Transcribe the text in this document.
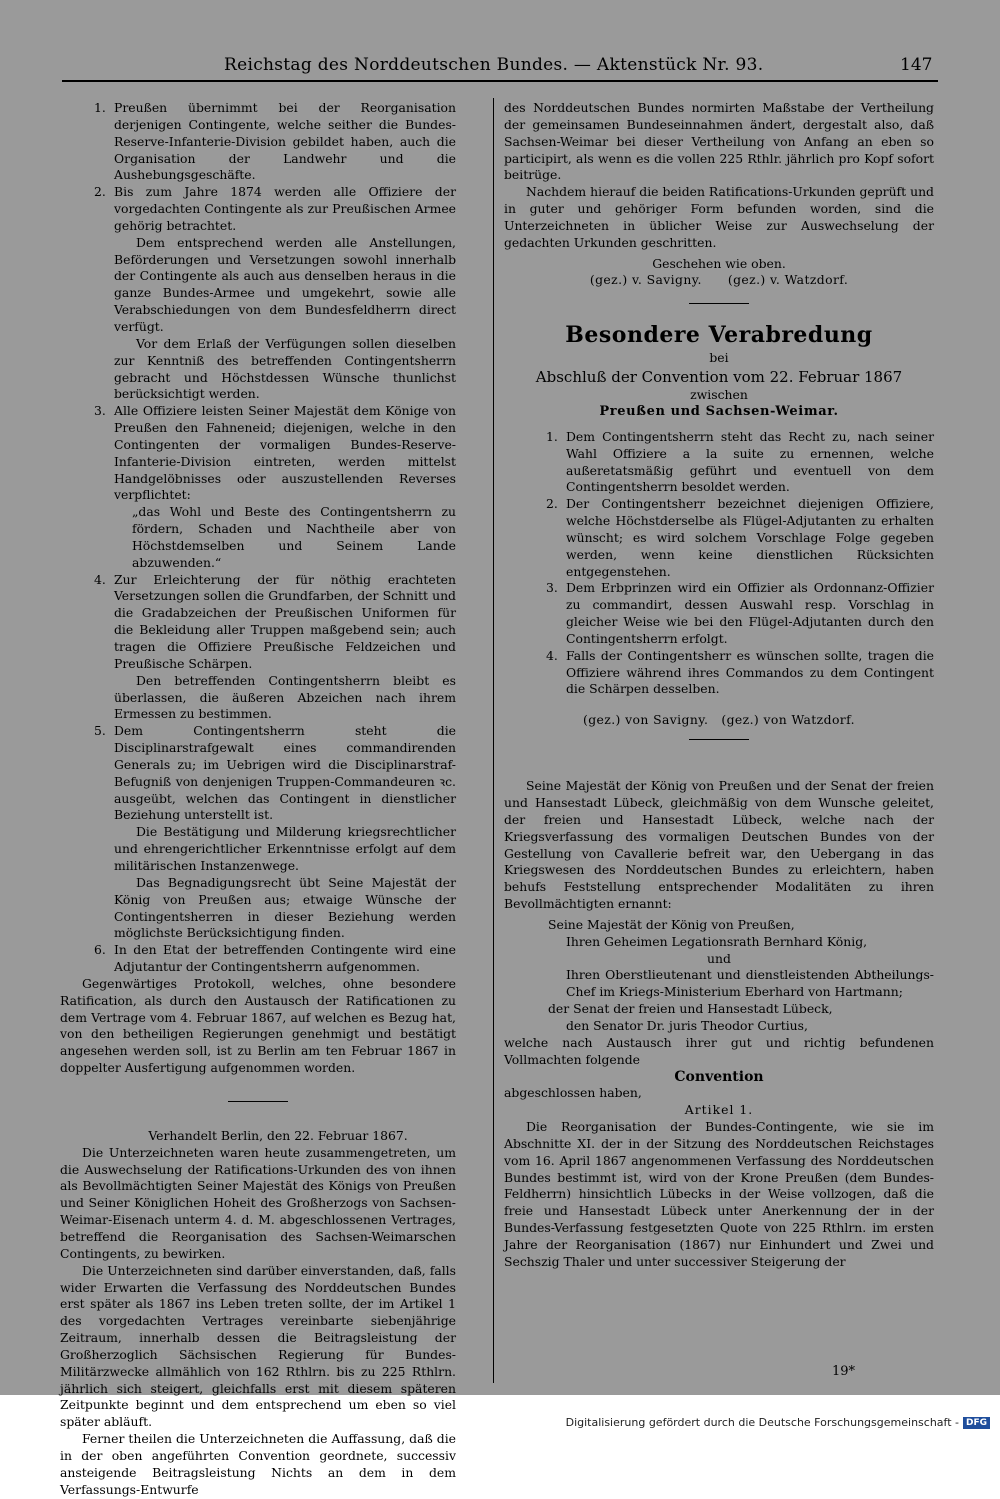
Reichstag des Norddeutschen Bundes. — Aktenstück Nr. 93.	147
1. Preußen übernimmt bei der Reorganisation derjenigen Contingente, welche seither die Bundes-Reserve-Infanterie-Division gebildet haben, auch die Organisation der Landwehr und die Aushebungsgeschäfte.

2. Bis zum Jahre 1874 werden alle Offiziere der vorgedachten Contingente als zur Preußischen Armee gehörig betrachtet.

Dem entsprechend werden alle Anstellungen, Beförderungen und Versetzungen sowohl innerhalb der Contingente als auch aus denselben heraus in die ganze Bundes-Armee und umgekehrt, sowie alle Verabschiedungen von dem Bundesfeldherrn direct verfügt.

Vor dem Erlaß der Verfügungen sollen dieselben zur Kenntniß des betreffenden Contingentsherrn gebracht und Höchstdessen Wünsche thunlichst berücksichtigt werden.

3. Alle Offiziere leisten Seiner Majestät dem Könige von Preußen den Fahneneid; diejenigen, welche in den Contingenten der vormaligen Bundes-Reserve-Infanterie-Division eintreten, werden mittelst Handgelöbnisses oder auszustellenden Reverses verpflichtet:

„das Wohl und Beste des Contingentsherrn zu fördern, Schaden und Nachtheile aber von Höchstdemselben und Seinem Lande abzuwenden.“

4. Zur Erleichterung der für nöthig erachteten Versetzungen sollen die Grundfarben, der Schnitt und die Gradabzeichen der Preußischen Uniformen für die Bekleidung aller Truppen maßgebend sein; auch tragen die Offiziere Preußische Feldzeichen und Preußische Schärpen.

Den betreffenden Contingentsherrn bleibt es überlassen, die äußeren Abzeichen nach ihrem Ermessen zu bestimmen.

5. Dem Contingentsherrn steht die Disciplinarstrafgewalt eines commandirenden Generals zu; im Uebrigen wird die Disciplinarstraf-Befugniß von denjenigen Truppen-Commandeuren ꝛc. ausgeübt, welchen das Contingent in dienstlicher Beziehung unterstellt ist.

Die Bestätigung und Milderung kriegsrechtlicher und ehrengerichtlicher Erkenntnisse erfolgt auf dem militärischen Instanzenwege.

Das Begnadigungsrecht übt Seine Majestät der König von Preußen aus; etwaige Wünsche der Contingentsherren in dieser Beziehung werden möglichste Berücksichtigung finden.

6. In den Etat der betreffenden Contingente wird eine Adjutantur der Contingentsherrn aufgenommen.

Gegenwärtiges Protokoll, welches, ohne besondere Ratification, als durch den Austausch der Ratificationen zu dem Vertrage vom 4. Februar 1867, auf welchen es Bezug hat, von den betheiligen Regierungen genehmigt und bestätigt angesehen werden soll, ist zu Berlin am ten Februar 1867 in doppelter Ausfertigung aufgenommen worden.

Verhandelt Berlin, den 22. Februar 1867.

Die Unterzeichneten waren heute zusammengetreten, um die Auswechselung der Ratifications-Urkunden des von ihnen als Bevollmächtigten Seiner Majestät des Königs von Preußen und Seiner Königlichen Hoheit des Großherzogs von Sachsen-Weimar-Eisenach unterm 4. d. M. abgeschlossenen Vertrages, betreffend die Reorganisation des Sachsen-Weimarschen Contingents, zu bewirken.

Die Unterzeichneten sind darüber einverstanden, daß, falls wider Erwarten die Verfassung des Norddeutschen Bundes erst später als 1867 ins Leben treten sollte, der im Artikel 1 des vorgedachten Vertrages vereinbarte siebenjährige Zeitraum, innerhalb dessen die Beitragsleistung der Großherzoglich Sächsischen Regierung für Bundes-Militärzwecke allmählich von 162 Rthlrn. bis zu 225 Rthlrn. jährlich sich steigert, gleichfalls erst mit diesem späteren Zeitpunkte beginnt und dem entsprechend um eben so viel später abläuft.

Ferner theilen die Unterzeichneten die Auffassung, daß die in der oben angeführten Convention geordnete, successiv ansteigende Beitragsleistung Nichts an dem in dem Verfassungs-Entwurfe

des Norddeutschen Bundes normirten Maßstabe der Vertheilung der gemeinsamen Bundeseinnahmen ändert, dergestalt also, daß Sachsen-Weimar bei dieser Vertheilung von Anfang an eben so participirt, als wenn es die vollen 225 Rthlr. jährlich pro Kopf sofort beitrüge.

Nachdem hierauf die beiden Ratifications-Urkunden geprüft und in guter und gehöriger Form befunden worden, sind die Unterzeichneten in üblicher Weise zur Auswechselung der gedachten Urkunden geschritten.

Geschehen wie oben.

(gez.) v. Savigny.      (gez.) v. Watzdorf.

Besondere Verabredung

bei

Abschluß der Convention vom 22. Februar 1867

zwischen

Preußen und Sachsen-Weimar.

1. Dem Contingentsherrn steht das Recht zu, nach seiner Wahl Offiziere a la suite zu ernennen, welche außeretatsmäßig geführt und eventuell von dem Contingentsherrn besoldet werden.

2. Der Contingentsherr bezeichnet diejenigen Offiziere, welche Höchstderselbe als Flügel-Adjutanten zu erhalten wünscht; es wird solchem Vorschlage Folge gegeben werden, wenn keine dienstlichen Rücksichten entgegenstehen.

3. Dem Erbprinzen wird ein Offizier als Ordonnanz-Offizier zu commandirt, dessen Auswahl resp. Vorschlag in gleicher Weise wie bei den Flügel-Adjutanten durch den Contingentsherrn erfolgt.

4. Falls der Contingentsherr es wünschen sollte, tragen die Offiziere während ihres Commandos zu dem Contingent die Schärpen desselben.

(gez.) von Savigny.   (gez.) von Watzdorf.

Seine Majestät der König von Preußen und der Senat der freien und Hansestadt Lübeck, gleichmäßig von dem Wunsche geleitet, der freien und Hansestadt Lübeck, welche nach der Kriegsverfassung des vormaligen Deutschen Bundes von der Gestellung von Cavallerie befreit war, den Uebergang in das Kriegswesen des Norddeutschen Bundes zu erleichtern, haben behufs Feststellung entsprechender Modalitäten zu ihren Bevollmächtigten ernannt:

Seine Majestät der König von Preußen,

Ihren Geheimen Legationsrath Bernhard König,

und

Ihren Oberstlieutenant und dienstleistenden Abtheilungs-Chef im Kriegs-Ministerium Eberhard von Hartmann;

der Senat der freien und Hansestadt Lübeck,

den Senator Dr. juris Theodor Curtius,

welche nach Austausch ihrer gut und richtig befundenen Vollmachten folgende

Convention

abgeschlossen haben,

Artikel 1.

Die Reorganisation der Bundes-Contingente, wie sie im Abschnitte XI. der in der Sitzung des Norddeutschen Reichstages vom 16. April 1867 angenommenen Verfassung des Norddeutschen Bundes bestimmt ist, wird von der Krone Preußen (dem Bundes-Feldherrn) hinsichtlich Lübecks in der Weise vollzogen, daß die freie und Hansestadt Lübeck unter Anerkennung der in der Bundes-Verfassung festgesetzten Quote von 225 Rthlrn. im ersten Jahre der Reorganisation (1867) nur Einhundert und Zwei und Sechszig Thaler und unter successiver Steigerung der

19*
Digitalisierung gefördert durch die Deutsche Forschungsgemeinschaft - DFG
